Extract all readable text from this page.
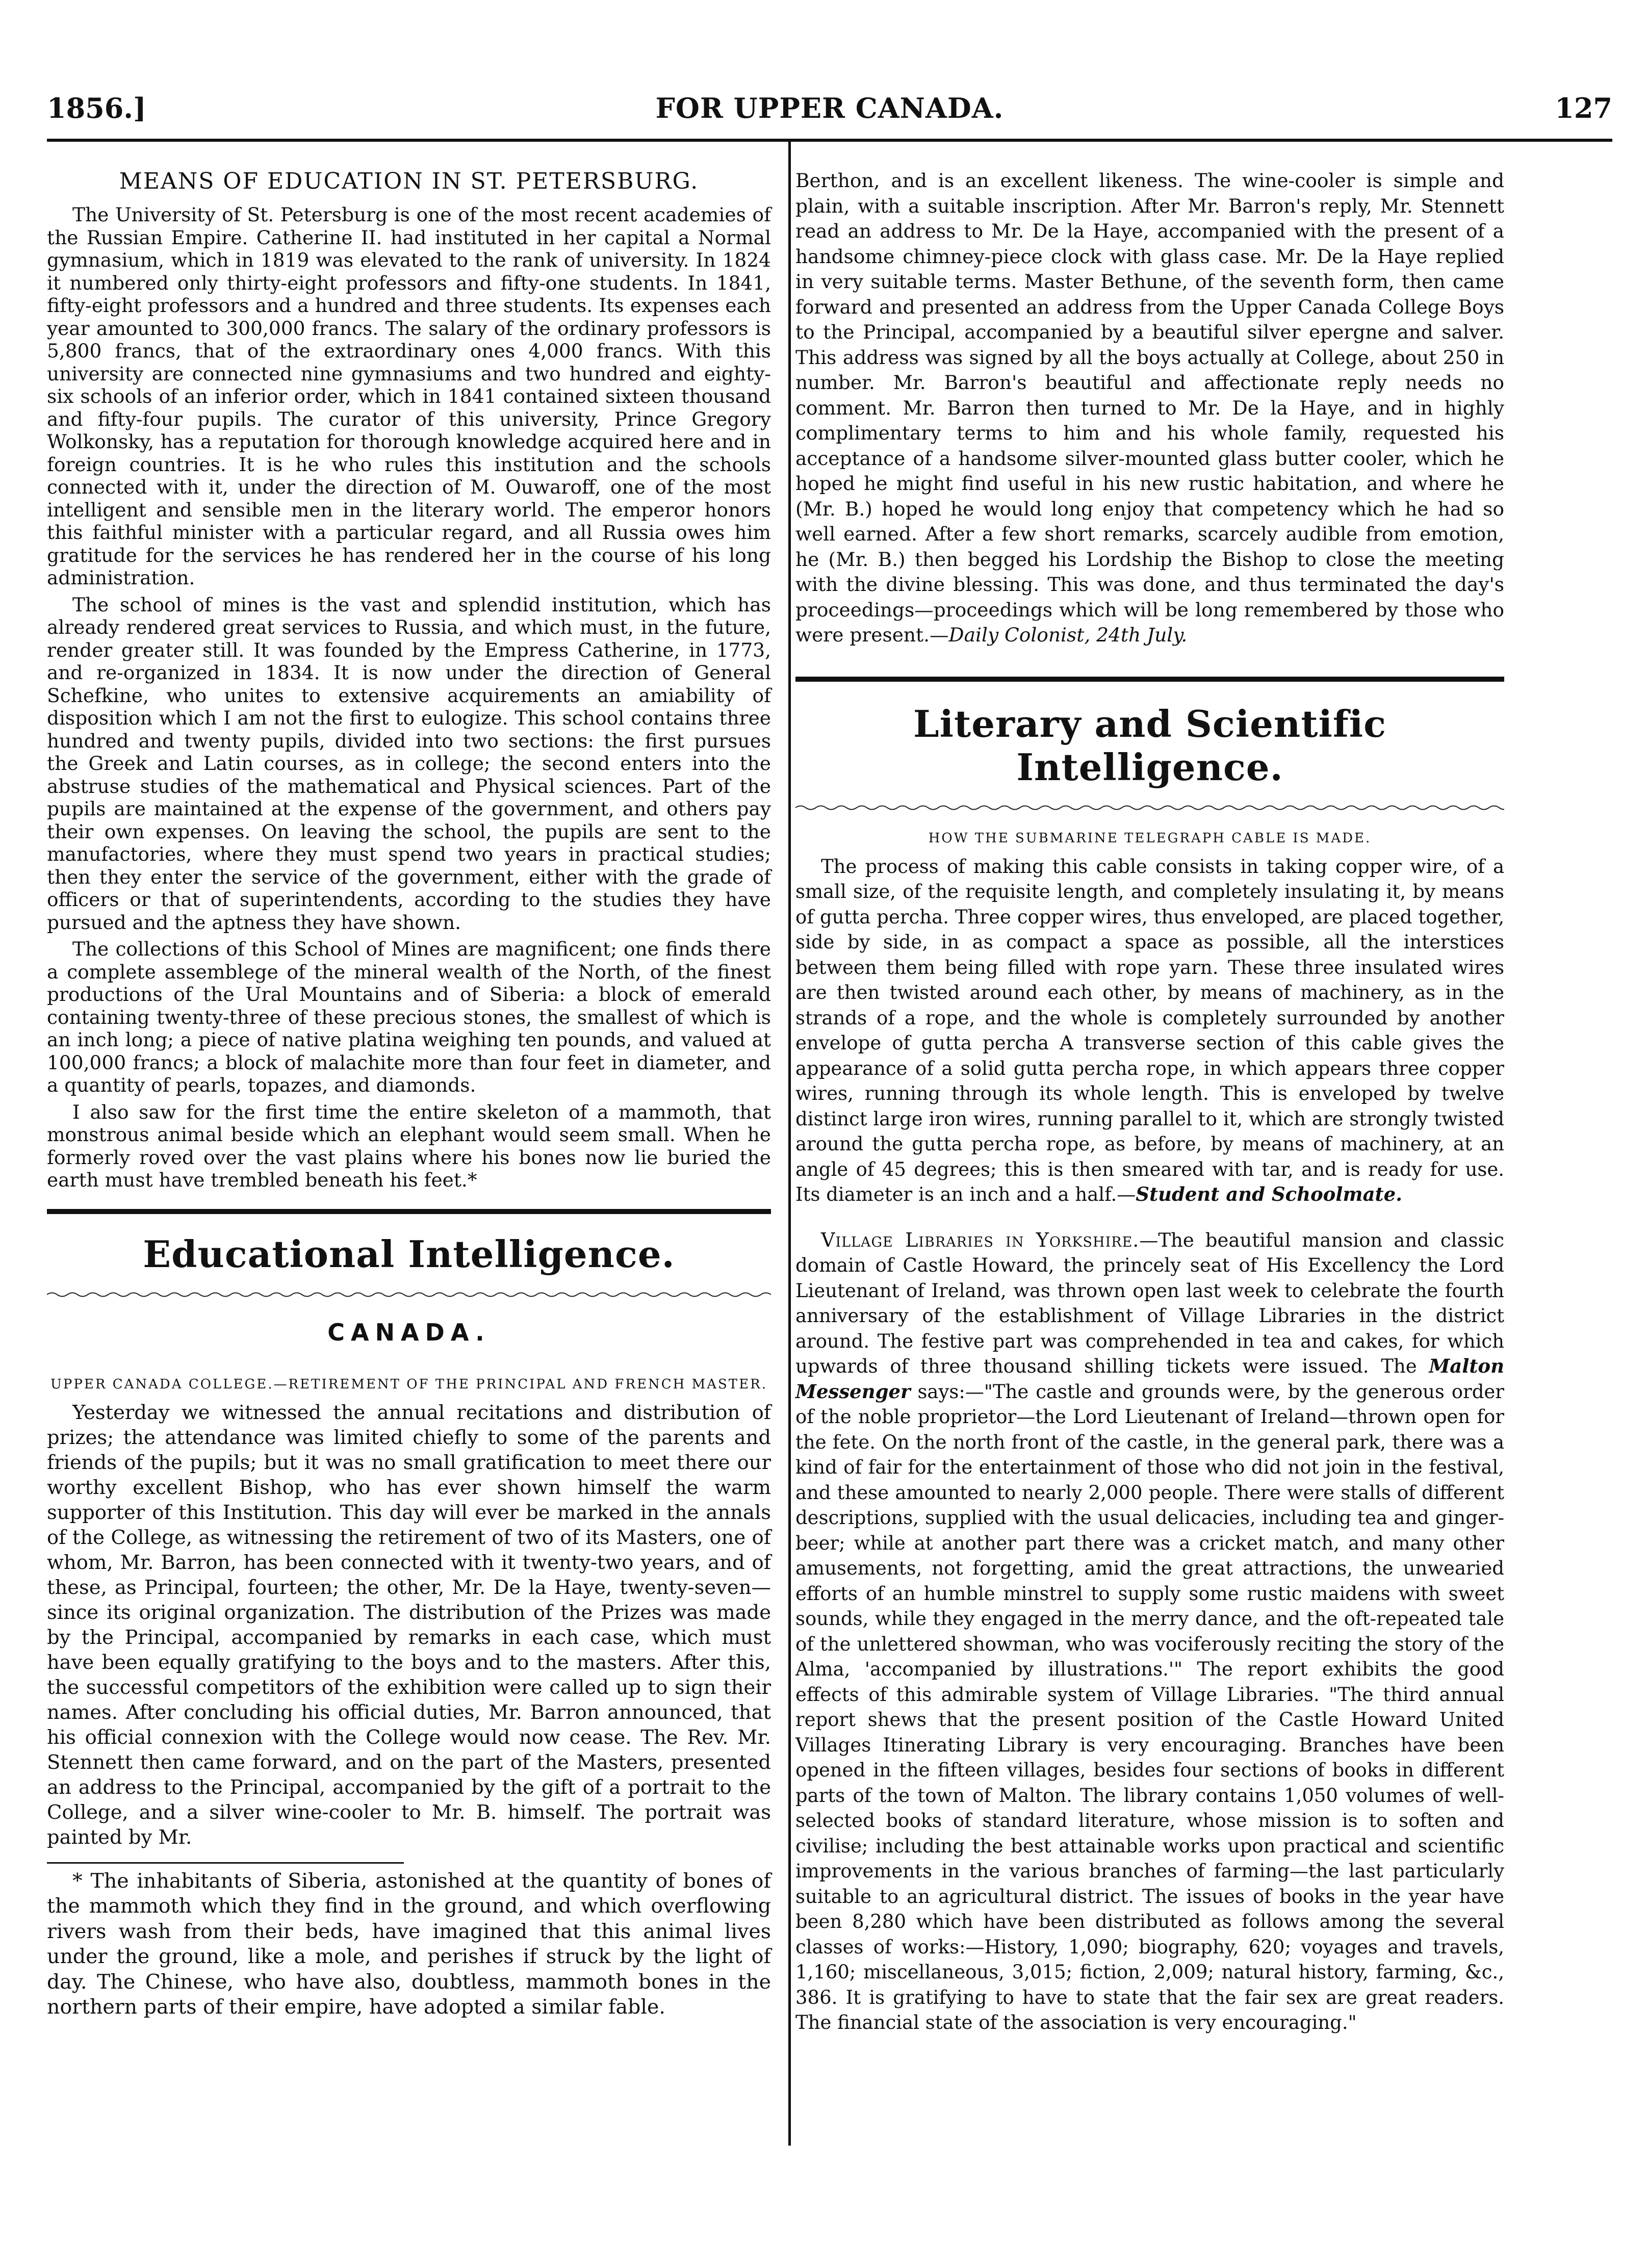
1856.]	FOR UPPER CANADA.	127
MEANS OF EDUCATION IN ST. PETERSBURG.

The University of St. Petersburg is one of the most recent academies of the Russian Empire. Catherine II. had instituted in her capital a Normal gymnasium, which in 1819 was elevated to the rank of university. In 1824 it numbered only thirty-eight professors and fifty-one students. In 1841, fifty-eight professors and a hundred and three students. Its expenses each year amounted to 300,000 francs. The salary of the ordinary professors is 5,800 francs, that of the extraordinary ones 4,000 francs. With this university are connected nine gymnasiums and two hundred and eighty-six schools of an inferior order, which in 1841 contained sixteen thousand and fifty-four pupils. The curator of this university, Prince Gregory Wolkonsky, has a reputation for thorough knowledge acquired here and in foreign countries. It is he who rules this institution and the schools connected with it, under the direction of M. Ouwaroff, one of the most intelligent and sensible men in the literary world. The emperor honors this faithful minister with a particular regard, and all Russia owes him gratitude for the services he has rendered her in the course of his long administration.

The school of mines is the vast and splendid institution, which has already rendered great services to Russia, and which must, in the future, render greater still. It was founded by the Empress Catherine, in 1773, and re-organized in 1834. It is now under the direction of General Schefkine, who unites to extensive acquirements an amiability of disposition which I am not the first to eulogize. This school contains three hundred and twenty pupils, divided into two sections: the first pursues the Greek and Latin courses, as in college; the second enters into the abstruse studies of the mathematical and Physical sciences. Part of the pupils are maintained at the expense of the government, and others pay their own expenses. On leaving the school, the pupils are sent to the manufactories, where they must spend two years in practical studies; then they enter the service of the government, either with the grade of officers or that of superintendents, according to the studies they have pursued and the aptness they have shown.

The collections of this School of Mines are magnificent; one finds there a complete assemblege of the mineral wealth of the North, of the finest productions of the Ural Mountains and of Siberia: a block of emerald containing twenty-three of these precious stones, the smallest of which is an inch long; a piece of native platina weighing ten pounds, and valued at 100,000 francs; a block of malachite more than four feet in diameter, and a quantity of pearls, topazes, and diamonds.

I also saw for the first time the entire skeleton of a mammoth, that monstrous animal beside which an elephant would seem small. When he formerly roved over the vast plains where his bones now lie buried the earth must have trembled beneath his feet.*

Educational Intelligence.
CANADA.
UPPER CANADA COLLEGE.—RETIREMENT OF THE PRINCIPAL AND FRENCH MASTER.

Yesterday we witnessed the annual recitations and distribution of prizes; the attendance was limited chiefly to some of the parents and friends of the pupils; but it was no small gratification to meet there our worthy excellent Bishop, who has ever shown himself the warm supporter of this Institution. This day will ever be marked in the annals of the College, as witnessing the retirement of two of its Masters, one of whom, Mr. Barron, has been connected with it twenty-two years, and of these, as Principal, fourteen; the other, Mr. De la Haye, twenty-seven—since its original organization. The distribution of the Prizes was made by the Principal, accompanied by remarks in each case, which must have been equally gratifying to the boys and to the masters. After this, the successful competitors of the exhibition were called up to sign their names. After concluding his official duties, Mr. Barron announced, that his official connexion with the College would now cease. The Rev. Mr. Stennett then came forward, and on the part of the Masters, presented an address to the Principal, accompanied by the gift of a portrait to the College, and a silver wine-cooler to Mr. B. himself. The portrait was painted by Mr.

* The inhabitants of Siberia, astonished at the quantity of bones of the mammoth which they find in the ground, and which overflowing rivers wash from their beds, have imagined that this animal lives under the ground, like a mole, and perishes if struck by the light of day. The Chinese, who have also, doubtless, mammoth bones in the northern parts of their empire, have adopted a similar fable.

Berthon, and is an excellent likeness. The wine-cooler is simple and plain, with a suitable inscription. After Mr. Barron's reply, Mr. Stennett read an address to Mr. De la Haye, accompanied with the present of a handsome chimney-piece clock with glass case. Mr. De la Haye replied in very suitable terms. Master Bethune, of the seventh form, then came forward and presented an address from the Upper Canada College Boys to the Principal, accompanied by a beautiful silver epergne and salver. This address was signed by all the boys actually at College, about 250 in number. Mr. Barron's beautiful and affectionate reply needs no comment. Mr. Barron then turned to Mr. De la Haye, and in highly complimentary terms to him and his whole family, requested his acceptance of a handsome silver-mounted glass butter cooler, which he hoped he might find useful in his new rustic habitation, and where he (Mr. B.) hoped he would long enjoy that competency which he had so well earned. After a few short remarks, scarcely audible from emotion, he (Mr. B.) then begged his Lordship the Bishop to close the meeting with the divine blessing. This was done, and thus terminated the day's proceedings—proceedings which will be long remembered by those who were present.—Daily Colonist, 24th July.

Literary and Scientific Intelligence.
HOW THE SUBMARINE TELEGRAPH CABLE IS MADE.

The process of making this cable consists in taking copper wire, of a small size, of the requisite length, and completely insulating it, by means of gutta percha. Three copper wires, thus enveloped, are placed together, side by side, in as compact a space as possible, all the interstices between them being filled with rope yarn. These three insulated wires are then twisted around each other, by means of machinery, as in the strands of a rope, and the whole is completely surrounded by another envelope of gutta percha A transverse section of this cable gives the appearance of a solid gutta percha rope, in which appears three copper wires, running through its whole length. This is enveloped by twelve distinct large iron wires, running parallel to it, which are strongly twisted around the gutta percha rope, as before, by means of machinery, at an angle of 45 degrees; this is then smeared with tar, and is ready for use. Its diameter is an inch and a half.—Student and Schoolmate.

Village Libraries in Yorkshire.—The beautiful mansion and classic domain of Castle Howard, the princely seat of His Excellency the Lord Lieutenant of Ireland, was thrown open last week to celebrate the fourth anniversary of the establishment of Village Libraries in the district around. The festive part was comprehended in tea and cakes, for which upwards of three thousand shilling tickets were issued. The Malton Messenger says:—"The castle and grounds were, by the generous order of the noble proprietor—the Lord Lieutenant of Ireland—thrown open for the fete. On the north front of the castle, in the general park, there was a kind of fair for the entertainment of those who did not join in the festival, and these amounted to nearly 2,000 people. There were stalls of different descriptions, supplied with the usual delicacies, including tea and ginger-beer; while at another part there was a cricket match, and many other amusements, not forgetting, amid the great attractions, the unwearied efforts of an humble minstrel to supply some rustic maidens with sweet sounds, while they engaged in the merry dance, and the oft-repeated tale of the unlettered showman, who was vociferously reciting the story of the Alma, 'accompanied by illustrations.'" The report exhibits the good effects of this admirable system of Village Libraries. "The third annual report shews that the present position of the Castle Howard United Villages Itinerating Library is very encouraging. Branches have been opened in the fifteen villages, besides four sections of books in different parts of the town of Malton. The library contains 1,050 volumes of well-selected books of standard literature, whose mission is to soften and civilise; including the best attainable works upon practical and scientific improvements in the various branches of farming—the last particularly suitable to an agricultural district. The issues of books in the year have been 8,280 which have been distributed as follows among the several classes of works:—History, 1,090; biography, 620; voyages and travels, 1,160; miscellaneous, 3,015; fiction, 2,009; natural history, farming, &c., 386. It is gratifying to have to state that the fair sex are great readers. The financial state of the association is very encouraging."
